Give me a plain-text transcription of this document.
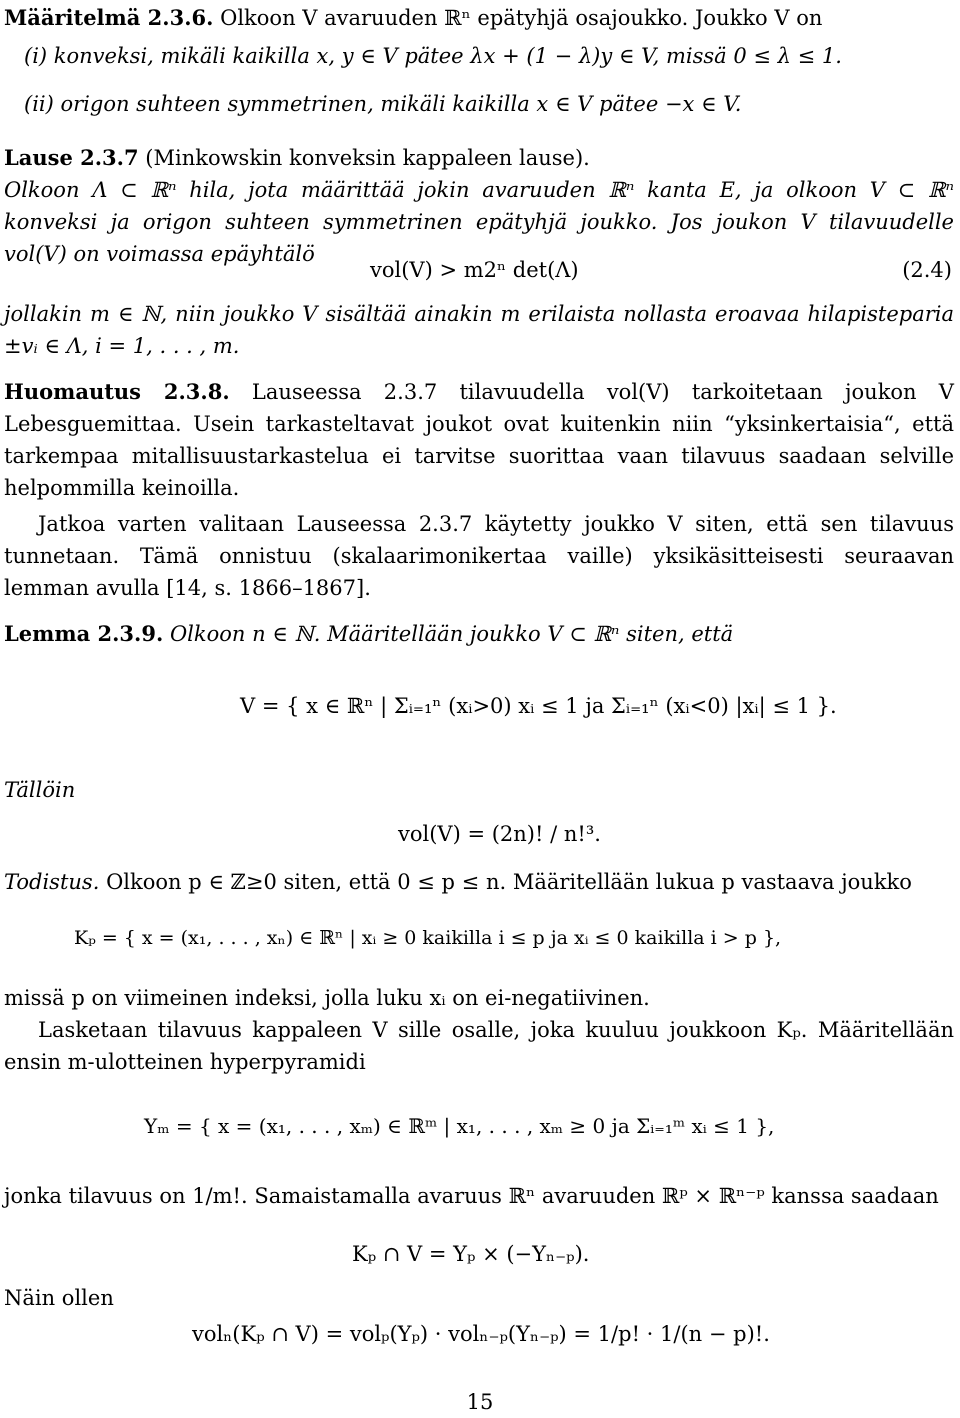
Määritelmä 2.3.6. Olkoon V avaruuden ℝⁿ epätyhjä osajoukko. Joukko V on

(i) konveksi, mikäli kaikilla x, y ∈ V pätee λx + (1 − λ)y ∈ V, missä 0 ≤ λ ≤ 1.

(ii) origon suhteen symmetrinen, mikäli kaikilla x ∈ V pätee −x ∈ V.

Lause 2.3.7 (Minkowskin konveksin kappaleen lause).

Olkoon Λ ⊂ ℝⁿ hila, jota määrittää jokin avaruuden ℝⁿ kanta E, ja olkoon V ⊂ ℝⁿ konveksi ja origon suhteen symmetrinen epätyhjä joukko. Jos joukon V tilavuudelle vol(V) on voimassa epäyhtälö

vol(V) > m2ⁿ det(Λ)	(2.4)

jollakin m ∈ ℕ, niin joukko V sisältää ainakin m erilaista nollasta eroavaa hilapisteparia ±vᵢ ∈ Λ, i = 1, . . . , m.

Huomautus 2.3.8. Lauseessa 2.3.7 tilavuudella vol(V) tarkoitetaan joukon V Lebesguemittaa. Usein tarkasteltavat joukot ovat kuitenkin niin “yksinkertaisia“, että tarkempaa mitallisuustarkastelua ei tarvitse suorittaa vaan tilavuus saadaan selville helpommilla keinoilla.

Jatkoa varten valitaan Lauseessa 2.3.7 käytetty joukko V siten, että sen tilavuus tunnetaan. Tämä onnistuu (skalaarimonikertaa vaille) yksikäsitteisesti seuraavan lemman avulla [14, s. 1866–1867].

Lemma 2.3.9. Olkoon n ∈ ℕ. Määritellään joukko V ⊂ ℝⁿ siten, että

V = { x ∈ ℝⁿ | Σᵢ₌₁ⁿ (xᵢ>0) xᵢ ≤ 1 ja Σᵢ₌₁ⁿ (xᵢ<0) |xᵢ| ≤ 1 }.
Tällöin
vol(V) = (2n)! / n!³.

Todistus. Olkoon p ∈ ℤ≥0 siten, että 0 ≤ p ≤ n. Määritellään lukua p vastaava joukko

Kₚ = { x = (x₁, . . . , xₙ) ∈ ℝⁿ | xᵢ ≥ 0 kaikilla i ≤ p ja xᵢ ≤ 0 kaikilla i > p },

missä p on viimeinen indeksi, jolla luku xᵢ on ei-negatiivinen.

Lasketaan tilavuus kappaleen V sille osalle, joka kuuluu joukkoon Kₚ. Määritellään ensin m-ulotteinen hyperpyramidi

Yₘ = { x = (x₁, . . . , xₘ) ∈ ℝᵐ | x₁, . . . , xₘ ≥ 0 ja Σᵢ₌₁ᵐ xᵢ ≤ 1 },

jonka tilavuus on 1/m!. Samaistamalla avaruus ℝⁿ avaruuden ℝᵖ × ℝⁿ⁻ᵖ kanssa saadaan

Kₚ ∩ V = Yₚ × (−Yₙ₋ₚ).
Näin ollen
volₙ(Kₚ ∩ V) = volₚ(Yₚ) · volₙ₋ₚ(Yₙ₋ₚ) = 1/p! · 1/(n − p)!.
15
